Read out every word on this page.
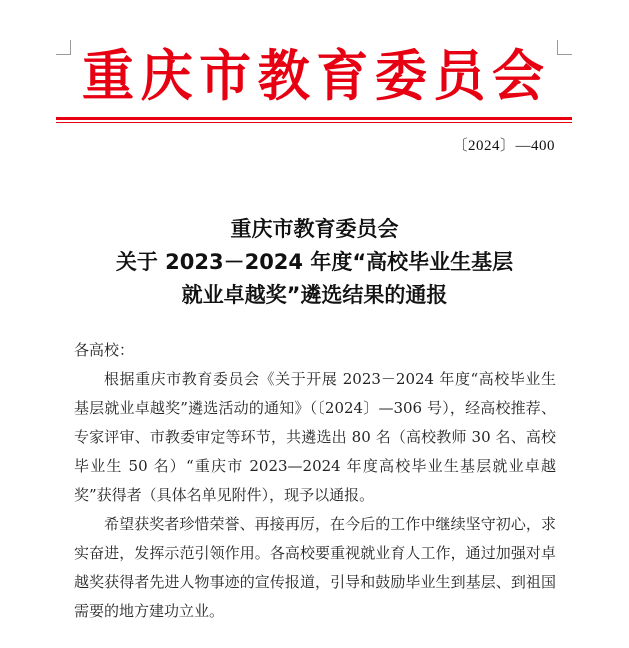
重 庆 市 教 育 委 员 会
〔2024〕—400
重庆市教育委员会
关于 2023－2024 年度“高校毕业生基层
就业卓越奖”遴选结果的通报
各高校：
根据重庆市教育委员会《关于开展 2023－2024 年度“高校毕业生基层就业卓越奖”遴选活动的通知》（〔2024〕—306 号），经高校推荐、专家评审、市教委审定等环节，共遴选出 80 名（高校教师 30 名、高校毕业生 50 名）“重庆市 2023—2024 年度高校毕业生基层就业卓越奖”获得者（具体名单见附件），现予以通报。
希望获奖者珍惜荣誉、再接再厉，在今后的工作中继续坚守初心，求实奋进，发挥示范引领作用。各高校要重视就业育人工作，通过加强对卓越奖获得者先进人物事迹的宣传报道，引导和鼓励毕业生到基层、到祖国需要的地方建功立业。
